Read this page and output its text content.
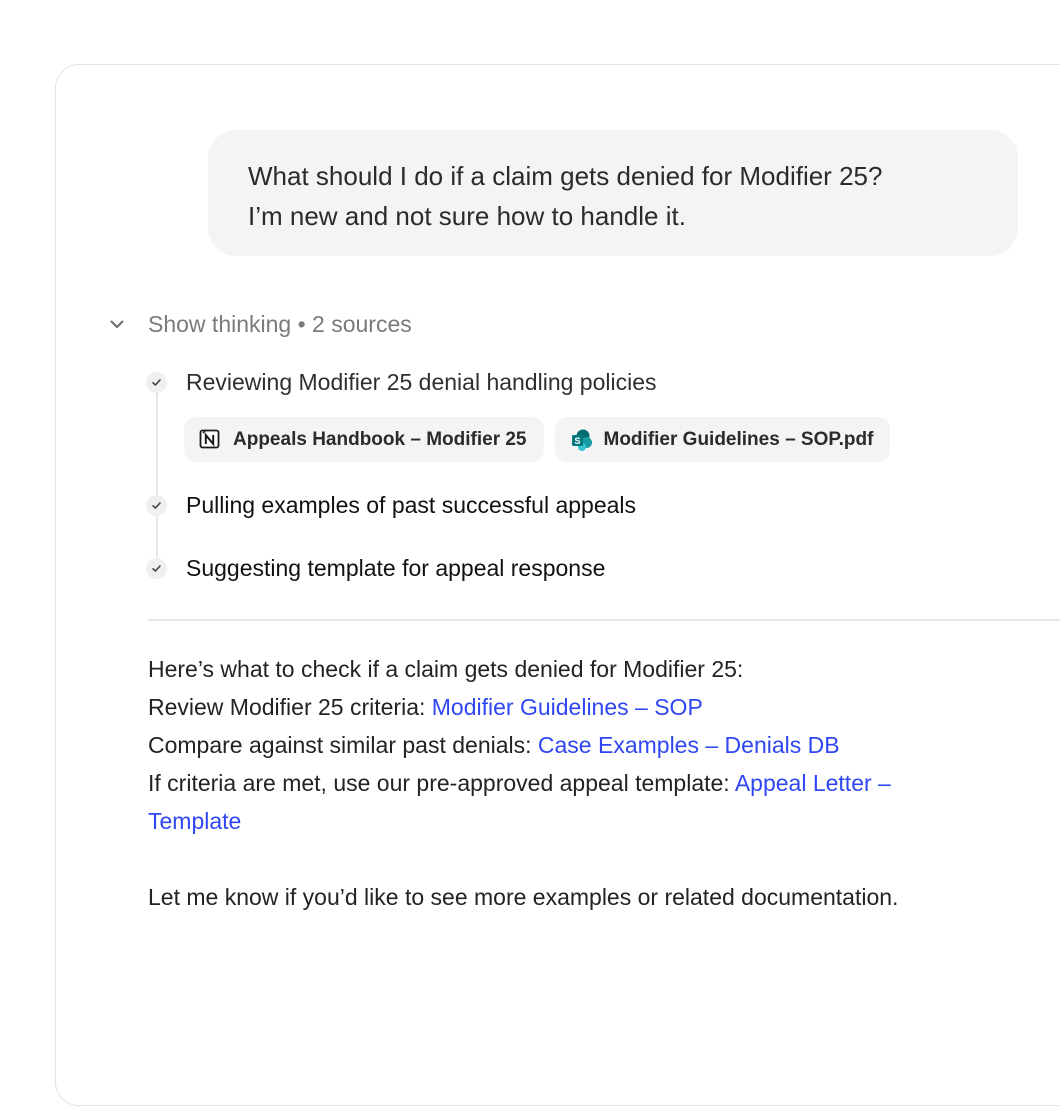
What should I do if a claim gets denied for Modifier 25?
I’m new and not sure how to handle it.
Show thinking • 2 sources
Reviewing Modifier 25 denial handling policies
Appeals Handbook – Modifier 25	S Modifier Guidelines – SOP.pdf
Pulling examples of past successful appeals
Suggesting template for appeal response

Here’s what to check if a claim gets denied for Modifier 25:

Review Modifier 25 criteria: Modifier Guidelines – SOP

Compare against similar past denials: Case Examples – Denials DB

If criteria are met, use our pre-approved appeal template: Appeal Letter –

Template

Let me know if you’d like to see more examples or related documentation.
